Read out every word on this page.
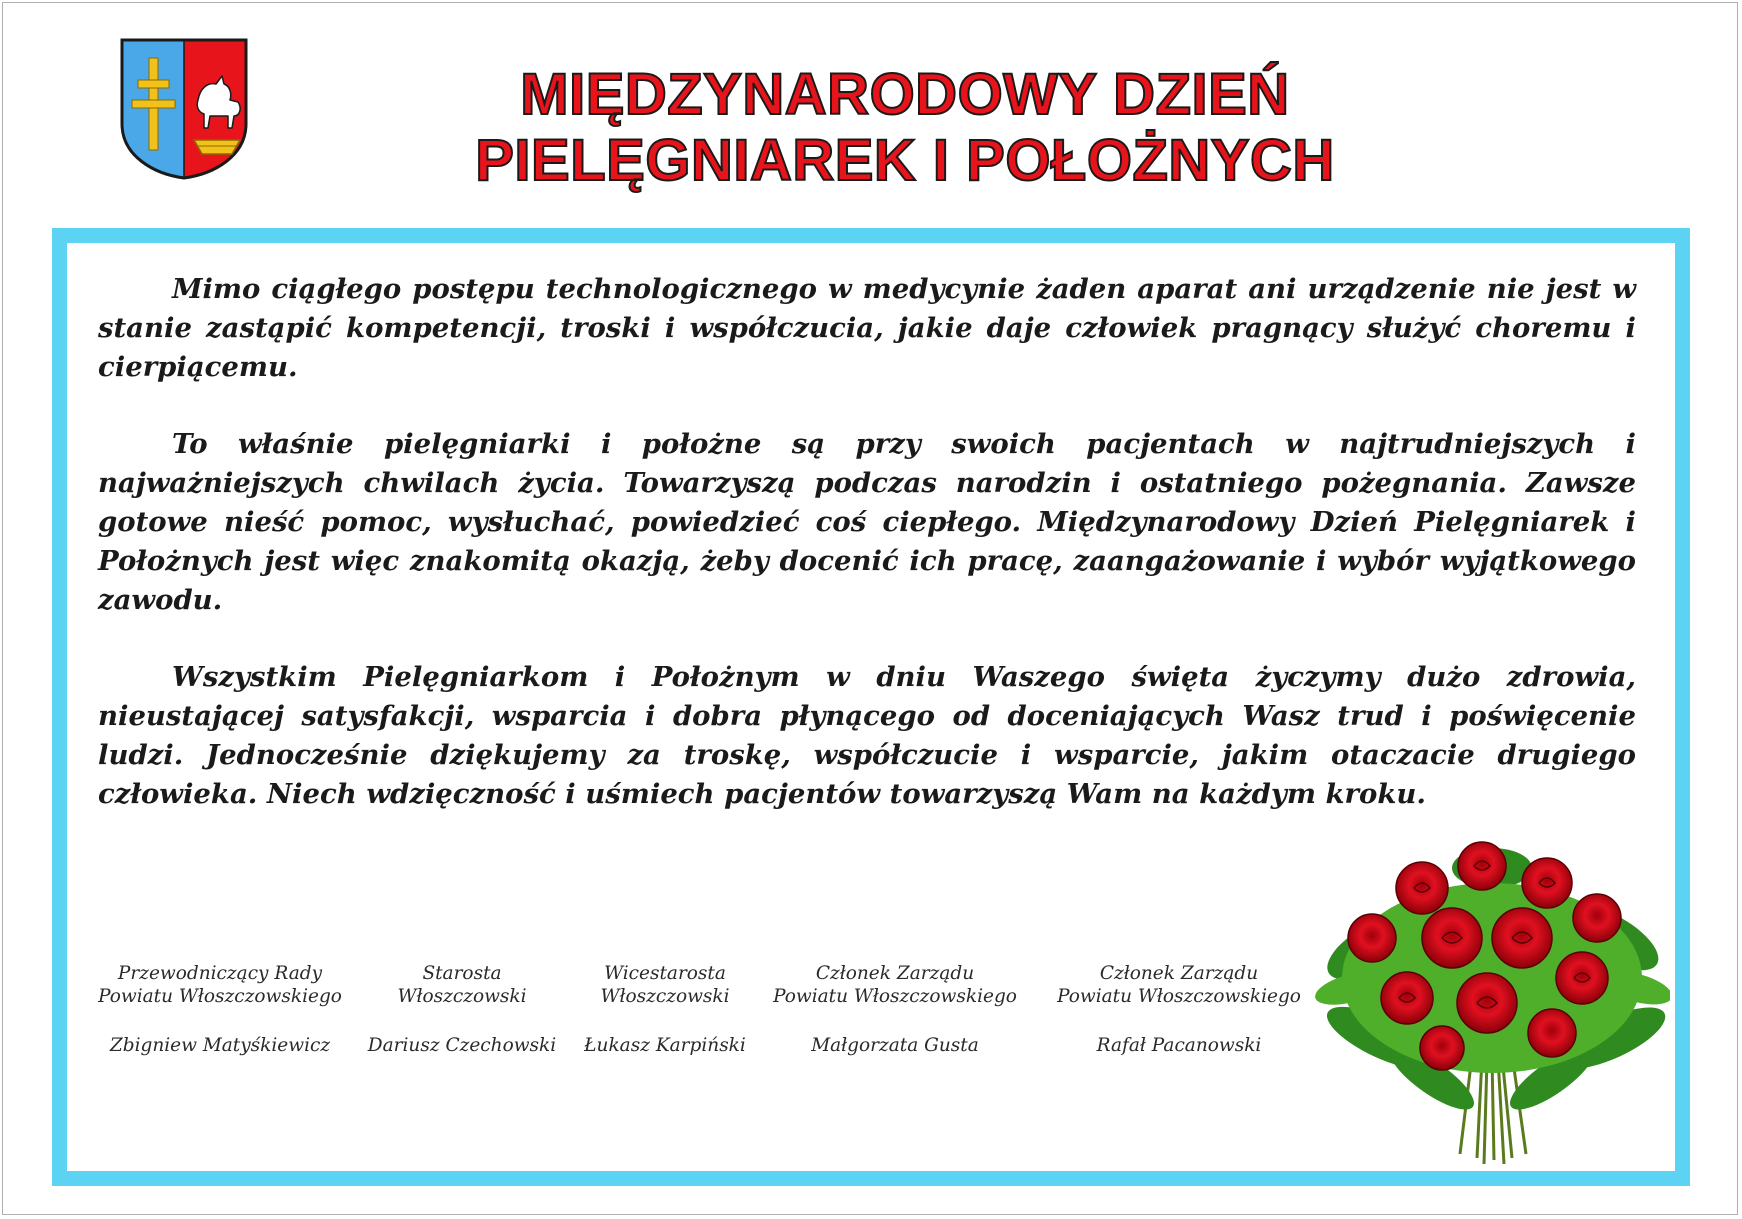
MIĘDZYNARODOWY DZIEŃ
PIELĘGNIAREK I POŁOŻNYCH

Mimo ciągłego postępu technologicznego w medycynie żaden aparat ani urządzenie nie jest w stanie zastąpić kompetencji, troski i współczucia, jakie daje człowiek pragnący służyć choremu i cierpiącemu.

To właśnie pielęgniarki i położne są przy swoich pacjentach w najtrudniejszych i najważniejszych chwilach życia. Towarzyszą podczas narodzin i ostatniego pożegnania. Zawsze gotowe nieść pomoc, wysłuchać, powiedzieć coś ciepłego. Międzynarodowy Dzień Pielęgniarek i Położnych jest więc znakomitą okazją, żeby docenić ich pracę, zaangażowanie i wybór wyjątkowego zawodu.

Wszystkim Pielęgniarkom i Położnym w dniu Waszego święta życzymy dużo zdrowia, nieustającej satysfakcji, wsparcia i dobra płynącego od doceniających Wasz trud i poświęcenie ludzi. Jednocześnie dziękujemy za troskę, współczucie i wsparcie, jakim otaczacie drugiego człowieka. Niech wdzięczność i uśmiech pacjentów towarzyszą Wam na każdym kroku.

Przewodniczący Rady
Powiatu Włoszczowskiego
Zbigniew Matyśkiewicz
Starosta
Włoszczowski
Dariusz Czechowski
Wicestarosta
Włoszczowski
Łukasz Karpiński
Członek Zarządu
Powiatu Włoszczowskiego
Małgorzata Gusta
Członek Zarządu
Powiatu Włoszczowskiego
Rafał Pacanowski
